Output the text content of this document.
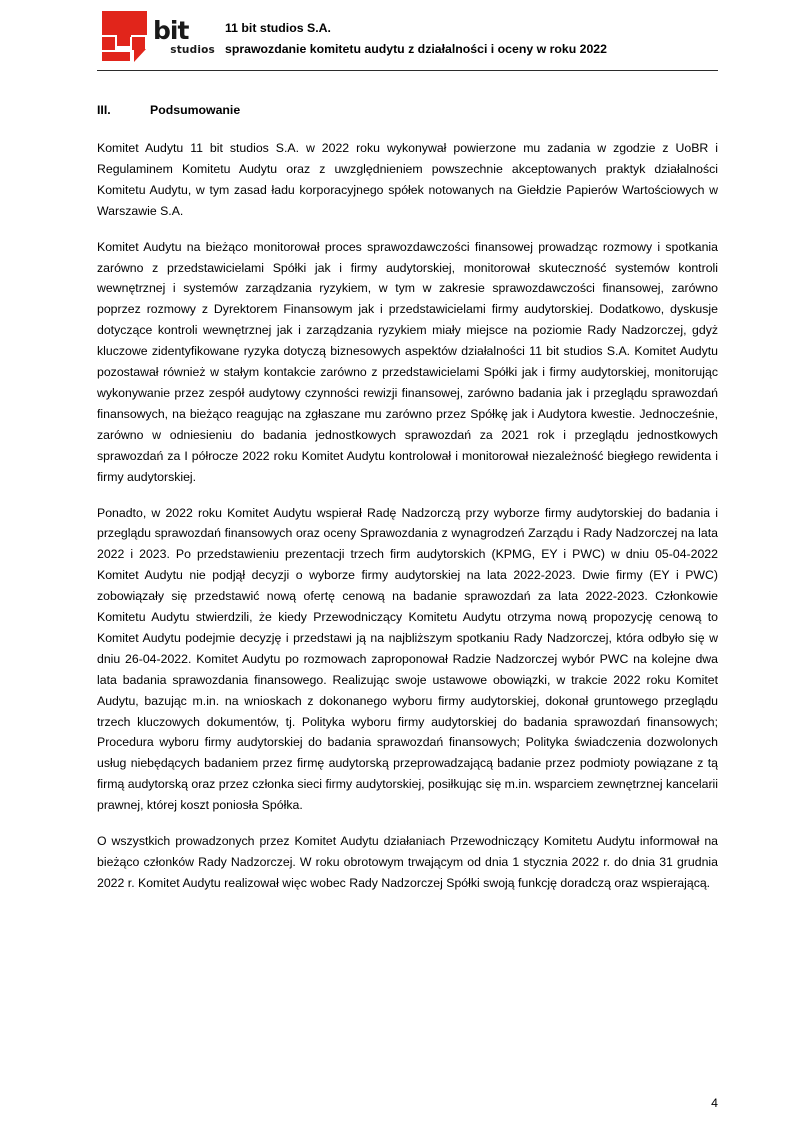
bit
studios
11 bit studios S.A.
sprawozdanie komitetu audytu z działalności i oceny w roku 2022
III.	Podsumowanie

Komitet Audytu 11 bit studios S.A. w 2022 roku wykonywał powierzone mu zadania w zgodzie z UoBR i Regulaminem Komitetu Audytu oraz z uwzględnieniem powszechnie akceptowanych praktyk działalności Komitetu Audytu, w tym zasad ładu korporacyjnego spółek notowanych na Giełdzie Papierów Wartościowych w Warszawie S.A.

Komitet Audytu na bieżąco monitorował proces sprawozdawczości finansowej prowadząc rozmowy i spotkania zarówno z przedstawicielami Spółki jak i firmy audytorskiej, monitorował skuteczność systemów kontroli wewnętrznej i systemów zarządzania ryzykiem, w tym w zakresie sprawozdawczości finansowej, zarówno poprzez rozmowy z Dyrektorem Finansowym jak i przedstawicielami firmy audytorskiej. Dodatkowo, dyskusje dotyczące kontroli wewnętrznej jak i zarządzania ryzykiem miały miejsce na poziomie Rady Nadzorczej, gdyż kluczowe zidentyfikowane ryzyka dotyczą biznesowych aspektów działalności 11 bit studios S.A. Komitet Audytu pozostawał również w stałym kontakcie zarówno z przedstawicielami Spółki jak i firmy audytorskiej, monitorując wykonywanie przez zespół audytowy czynności rewizji finansowej, zarówno badania jak i przeglądu sprawozdań finansowych, na bieżąco reagując na zgłaszane mu zarówno przez Spółkę jak i Audytora kwestie. Jednocześnie, zarówno w odniesieniu do badania jednostkowych sprawozdań za 2021 rok i przeglądu jednostkowych sprawozdań za I półrocze 2022 roku Komitet Audytu kontrolował i monitorował niezależność biegłego rewidenta i firmy audytorskiej.

Ponadto, w 2022 roku Komitet Audytu wspierał Radę Nadzorczą przy wyborze firmy audytorskiej do badania i przeglądu sprawozdań finansowych oraz oceny Sprawozdania z wynagrodzeń Zarządu i Rady Nadzorczej na lata 2022 i 2023. Po przedstawieniu prezentacji trzech firm audytorskich (KPMG, EY i PWC) w dniu 05-04-2022 Komitet Audytu nie podjął decyzji o wyborze firmy audytorskiej na lata 2022-2023. Dwie firmy (EY i PWC) zobowiązały się przedstawić nową ofertę cenową na badanie sprawozdań za lata 2022-2023. Członkowie Komitetu Audytu stwierdzili, że kiedy Przewodniczący Komitetu Audytu otrzyma nową propozycję cenową to Komitet Audytu podejmie decyzję i przedstawi ją na najbliższym spotkaniu Rady Nadzorczej, która odbyło się w dniu 26-04-2022. Komitet Audytu po rozmowach zaproponował Radzie Nadzorczej wybór PWC na kolejne dwa lata badania sprawozdania finansowego. Realizując swoje ustawowe obowiązki, w trakcie 2022 roku Komitet Audytu, bazując m.in. na wnioskach z dokonanego wyboru firmy audytorskiej, dokonał gruntowego przeglądu trzech kluczowych dokumentów, tj. Polityka wyboru firmy audytorskiej do badania sprawozdań finansowych; Procedura wyboru firmy audytorskiej do badania sprawozdań finansowych; Polityka świadczenia dozwolonych usług niebędących badaniem przez firmę audytorską przeprowadzającą badanie przez podmioty powiązane z tą firmą audytorską oraz przez członka sieci firmy audytorskiej, posiłkując się m.in. wsparciem zewnętrznej kancelarii prawnej, której koszt poniosła Spółka.

O wszystkich prowadzonych przez Komitet Audytu działaniach Przewodniczący Komitetu Audytu informował na bieżąco członków Rady Nadzorczej. W roku obrotowym trwającym od dnia 1 stycznia 2022 r. do dnia 31 grudnia 2022 r. Komitet Audytu realizował więc wobec Rady Nadzorczej Spółki swoją funkcję doradczą oraz wspierającą.

4
